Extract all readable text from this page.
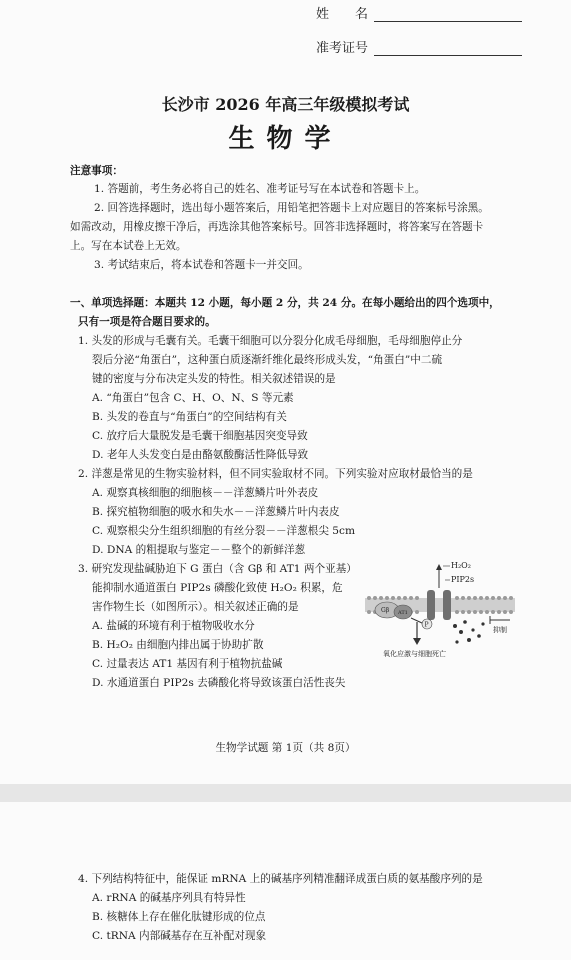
姓　　名
准考证号
长沙市 2026 年高三年级模拟考试
生物学
注意事项：
1. 答题前，考生务必将自己的姓名、准考证号写在本试卷和答题卡上。
2. 回答选择题时，选出每小题答案后，用铅笔把答题卡上对应题目的答案标号涂黑。
如需改动，用橡皮擦干净后，再选涂其他答案标号。回答非选择题时，将答案写在答题卡
上。写在本试卷上无效。
3. 考试结束后，将本试卷和答题卡一并交回。
一、单项选择题：本题共 12 小题，每小题 2 分，共 24 分。在每小题给出的四个选项中，
只有一项是符合题目要求的。
1. 头发的形成与毛囊有关。毛囊干细胞可以分裂分化成毛母细胞，毛母细胞停止分
裂后分泌“角蛋白”，这种蛋白质逐渐纤维化最终形成头发，“角蛋白”中二硫
键的密度与分布决定头发的特性。相关叙述错误的是
A. “角蛋白”包含 C、H、O、N、S 等元素
B. 头发的卷直与“角蛋白”的空间结构有关
C. 放疗后大量脱发是毛囊干细胞基因突变导致
D. 老年人头发变白是由酪氨酸酶活性降低导致
2. 洋葱是常见的生物实验材料，但不同实验取材不同。下列实验对应取材最恰当的是
A. 观察真核细胞的细胞核－－洋葱鳞片叶外表皮
B. 探究植物细胞的吸水和失水－－洋葱鳞片叶内表皮
C. 观察根尖分生组织细胞的有丝分裂－－洋葱根尖 5cm
D. DNA 的粗提取与鉴定－－整个的新鲜洋葱
3. 研究发现盐碱胁迫下 G 蛋白（含 Gβ 和 AT1 两个亚基）
能抑制水通道蛋白 PIP2s 磷酸化致使 H₂O₂ 积累，危
害作物生长（如图所示）。相关叙述正确的是
A. 盐碱的环境有利于植物吸收水分
B. H₂O₂ 由细胞内排出属于协助扩散
C. 过量表达 AT1 基因有利于植物抗盐碱
D. 水通道蛋白 PIP2s 去磷酸化将导致该蛋白活性丧失
Gβ AT1
P
H₂O₂
PIP2s
抑制
氧化应激与细胞死亡
生物学试题 第 1页（共 8页）
4. 下列结构特征中，能保证 mRNA 上的碱基序列精准翻译成蛋白质的氨基酸序列的是
A. rRNA 的碱基序列具有特异性
B. 核糖体上存在催化肽键形成的位点
C. tRNA 内部碱基存在互补配对现象
